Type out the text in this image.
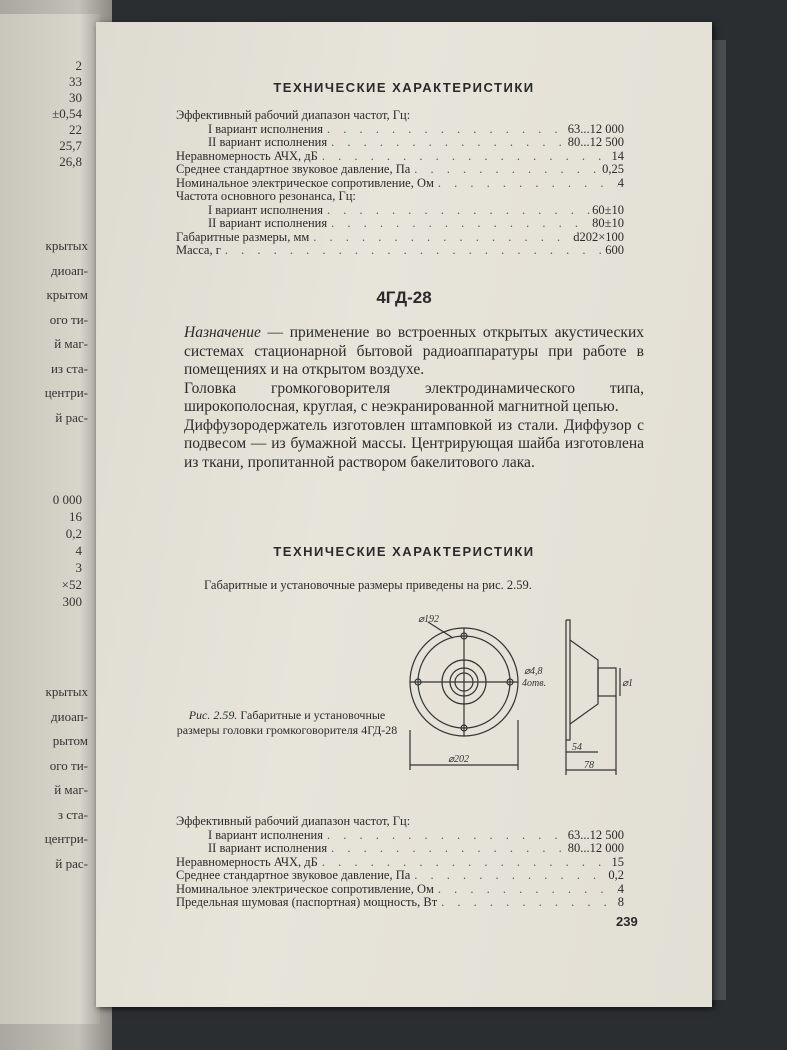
2
33
30
±0,54
22
25,7
26,8
крытых
диоап-
крытом
ого ти-
й маг-
из ста-
центри-
й рас-
0 000
16
0,2
4
3
×52
300
крытых
диоап-
рытом
ого ти-
й маг-
з ста-
центри-
й рас-
ТЕХНИЧЕСКИЕ ХАРАКТЕРИСТИКИ
Эффективный рабочий диапазон частот, Гц:
I вариант исполнения . . .	63...12 000
II вариант исполнения . . .	80...12 500
Неравномерность АЧХ, дБ . . .	14
Среднее стандартное звуковое давление, Па . . .	0,25
Номинальное электрическое сопротивление, Ом . . .	4
Частота основного резонанса, Гц:
I вариант исполнения . . .	60±10
II вариант исполнения . . .	80±10
Габаритные размеры, мм . . .	d202×100
Масса, г . . .	600
4ГД-28

Назначение — применение во встроенных открытых акустических системах стационарной бытовой радиоаппаратуры при работе в помещениях и на открытом воздухе.

Головка громкоговорителя электродинамического типа, широкополосная, круглая, с неэкранированной магнитной цепью.

Диффузородержатель изготовлен штамповкой из стали. Диффузор с подвесом — из бумажной массы. Центрирующая шайба изготовлена из ткани, пропитанной раствором бакелитового лака.

ТЕХНИЧЕСКИЕ ХАРАКТЕРИСТИКИ
Габаритные и установочные размеры приведены на рис. 2.59.
⌀192
⌀202
⌀4,8
4отв.
54
78
⌀1
Рис. 2.59. Габаритные и установочные размеры головки громкоговорителя 4ГД-28
Эффективный рабочий диапазон частот, Гц:
I вариант исполнения . . .	63...12 500
II вариант исполнения . . .	80...12 000
Неравномерность АЧХ, дБ . . .	15
Среднее стандартное звуковое давление, Па . . .	0,2
Номинальное электрическое сопротивление, Ом . . .	4
Предельная шумовая (паспортная) мощность, Вт . . .	8
239
